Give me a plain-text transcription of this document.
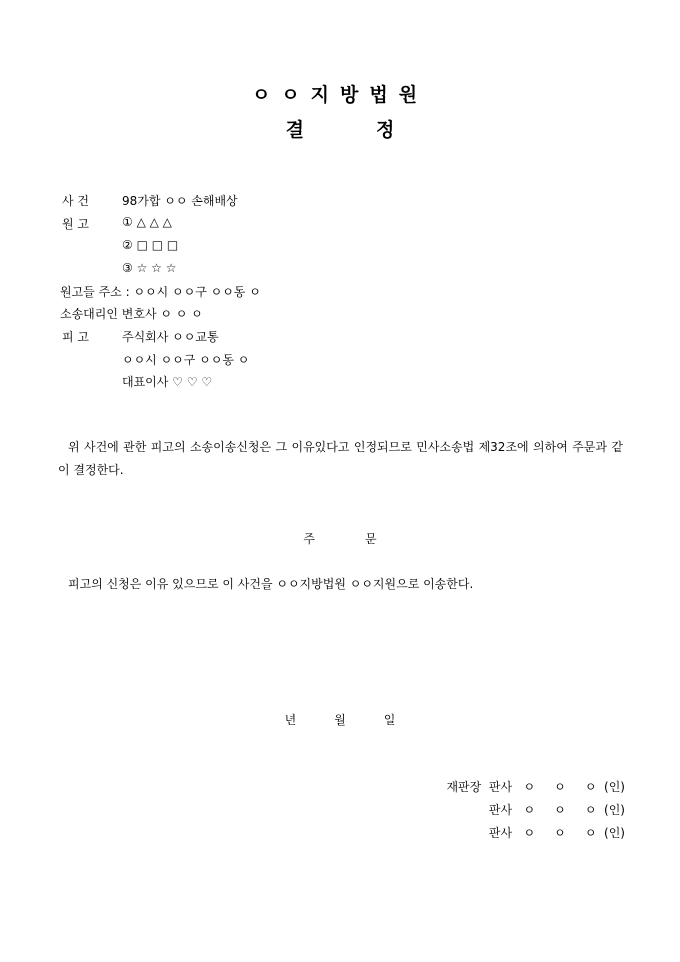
ㅇㅇ지방법원
결	정
사 건	98가합 ㅇㅇ 손해배상
원 고	① △ △ △
② □ □ □
③ ☆ ☆ ☆
원고들 주소 : ㅇㅇ시 ㅇㅇ구 ㅇㅇ동 ㅇ
소송대리인 변호사 ㅇ ㅇ ㅇ
피 고	주식회사 ㅇㅇ교통
ㅇㅇ시 ㅇㅇ구 ㅇㅇ동 ㅇ
대표이사 ♡ ♡ ♡
위 사건에 관한 피고의 소송이송신청은 그 이유있다고 인정되므로 민사소송법 제32조에 의하여 주문과 같이 결정한다.
주	문
피고의 신청은 이유 있으므로 이 사건을 ㅇㅇ지방법원 ㅇㅇ지원으로 이송한다.
년	월	일
재판장  판사   ㅇ     ㅇ     ㅇ  (인)
판사   ㅇ     ㅇ     ㅇ  (인)
판사   ㅇ     ㅇ     ㅇ  (인)
